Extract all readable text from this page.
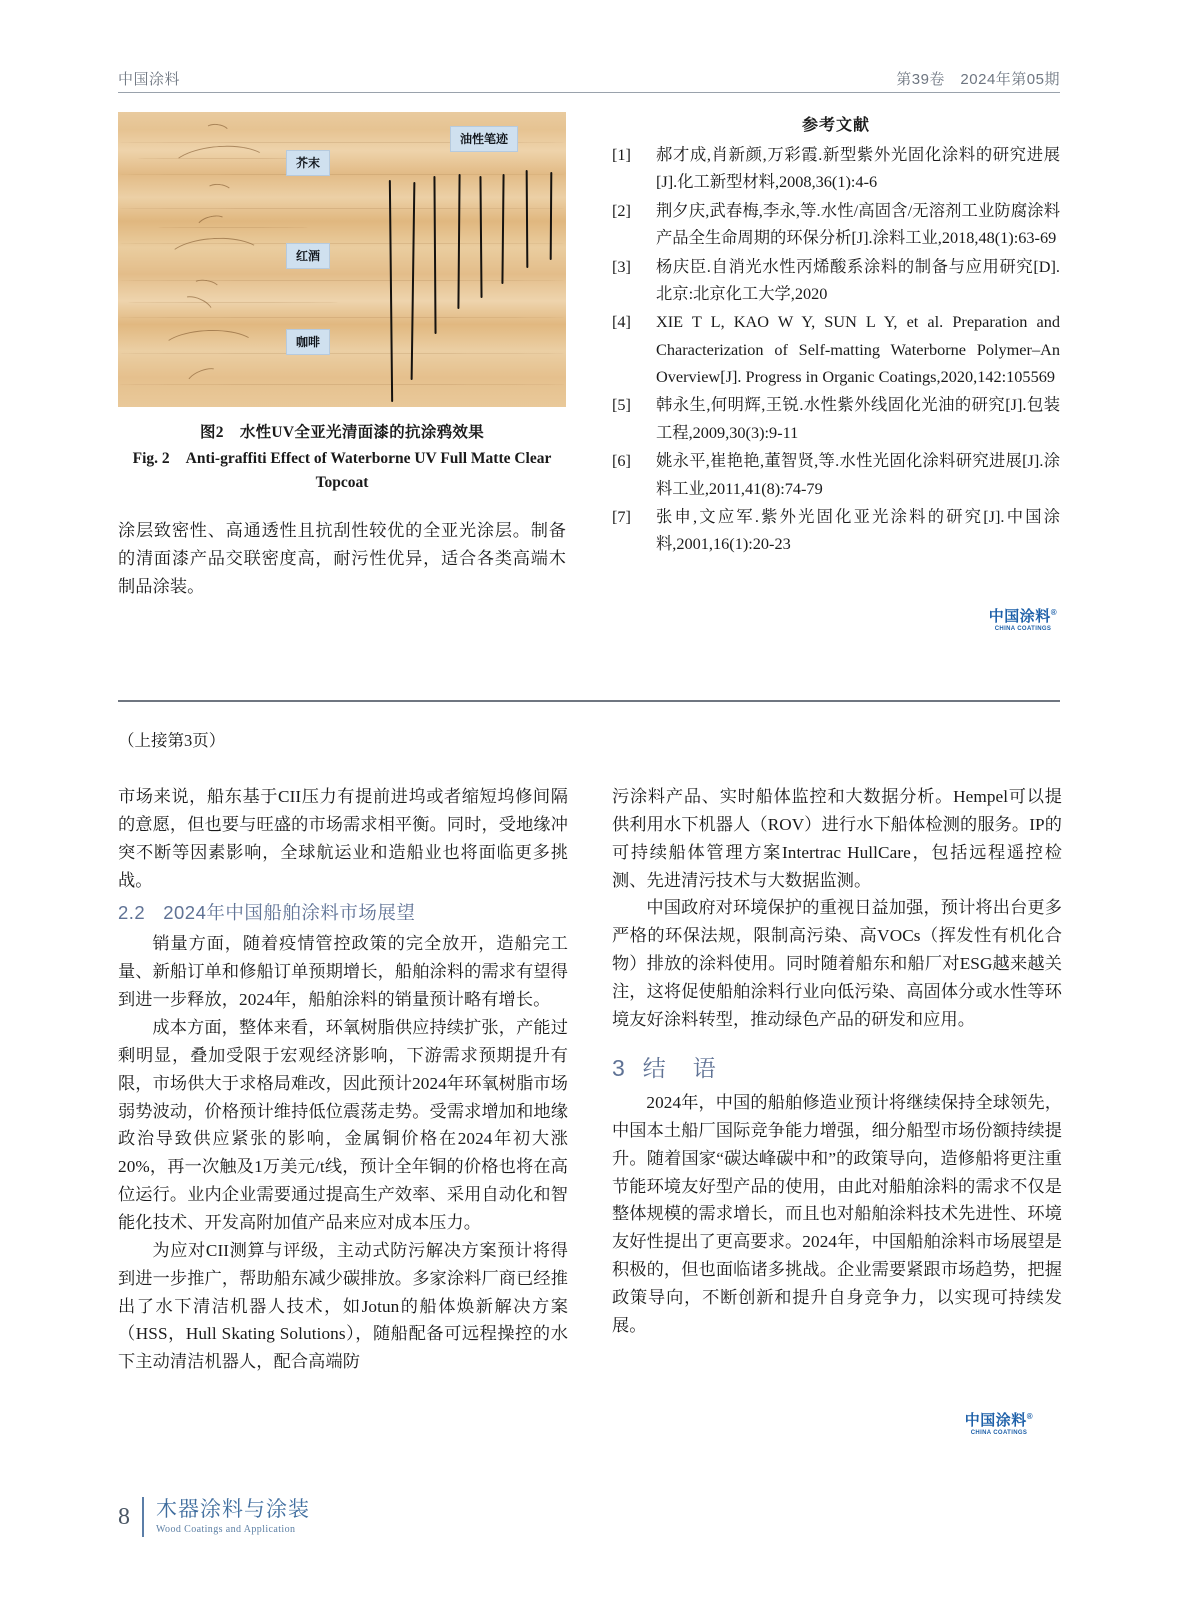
中国涂料	第39卷　2024年第05期
油性笔迹
芥末
红酒
咖啡
图2 水性UV全亚光清面漆的抗涂鸦效果
Fig. 2 Anti-graffiti Effect of Waterborne UV Full Matte Clear Topcoat

涂层致密性、高通透性且抗刮性较优的全亚光涂层。制备的清面漆产品交联密度高，耐污性优异，适合各类高端木制品涂装。

参考文献
[1]	郝才成,肖新颜,万彩霞.新型紫外光固化涂料的研究进展[J].化工新型材料,2008,36(1):4-6
[2]	荆夕庆,武春梅,李永,等.水性/高固含/无溶剂工业防腐涂料产品全生命周期的环保分析[J].涂料工业,2018,48(1):63-69
[3]	杨庆臣.自消光水性丙烯酸系涂料的制备与应用研究[D].北京:北京化工大学,2020
[4]	XIE T L, KAO W Y, SUN L Y, et al. Preparation and Characterization of Self-matting Waterborne Polymer–An Overview[J]. Progress in Organic Coatings,2020,142:105569
[5]	韩永生,何明辉,王锐.水性紫外线固化光油的研究[J].包装工程,2009,30(3):9-11
[6]	姚永平,崔艳艳,董智贤,等.水性光固化涂料研究进展[J].涂料工业,2011,41(8):74-79
[7]	张申,文应军.紫外光固化亚光涂料的研究[J].中国涂料,2001,16(1):20-23
中国涂料®
CHINA COATINGS
（上接第3页）

市场来说，船东基于CII压力有提前进坞或者缩短坞修间隔的意愿，但也要与旺盛的市场需求相平衡。同时，受地缘冲突不断等因素影响，全球航运业和造船业也将面临更多挑战。

2.2 2024年中国船舶涂料市场展望

销量方面，随着疫情管控政策的完全放开，造船完工量、新船订单和修船订单预期增长，船舶涂料的需求有望得到进一步释放，2024年，船舶涂料的销量预计略有增长。

成本方面，整体来看，环氧树脂供应持续扩张，产能过剩明显，叠加受限于宏观经济影响，下游需求预期提升有限，市场供大于求格局难改，因此预计2024年环氧树脂市场弱势波动，价格预计维持低位震荡走势。受需求增加和地缘政治导致供应紧张的影响，金属铜价格在2024年初大涨20%，再一次触及1万美元/t线，预计全年铜的价格也将在高位运行。业内企业需要通过提高生产效率、采用自动化和智能化技术、开发高附加值产品来应对成本压力。

为应对CII测算与评级，主动式防污解决方案预计将得到进一步推广，帮助船东减少碳排放。多家涂料厂商已经推出了水下清洁机器人技术，如Jotun的船体焕新解决方案（HSS，Hull Skating Solutions），随船配备可远程操控的水下主动清洁机器人，配合高端防

污涂料产品、实时船体监控和大数据分析。Hempel可以提供利用水下机器人（ROV）进行水下船体检测的服务。IP的可持续船体管理方案Intertrac HullCare，包括远程遥控检测、先进清污技术与大数据监测。

中国政府对环境保护的重视日益加强，预计将出台更多严格的环保法规，限制高污染、高VOCs（挥发性有机化合物）排放的涂料使用。同时随着船东和船厂对ESG越来越关注，这将促使船舶涂料行业向低污染、高固体分或水性等环境友好涂料转型，推动绿色产品的研发和应用。

3 结　语

2024年，中国的船舶修造业预计将继续保持全球领先，中国本土船厂国际竞争能力增强，细分船型市场份额持续提升。随着国家“碳达峰碳中和”的政策导向，造修船将更注重节能环境友好型产品的使用，由此对船舶涂料的需求不仅是整体规模的需求增长，而且也对船舶涂料技术先进性、环境友好性提出了更高要求。2024年，中国船舶涂料市场展望是积极的，但也面临诸多挑战。企业需要紧跟市场趋势，把握政策导向，不断创新和提升自身竞争力，以实现可持续发展。

中国涂料®
CHINA COATINGS
8 木器涂料与涂装
Wood Coatings and Application
